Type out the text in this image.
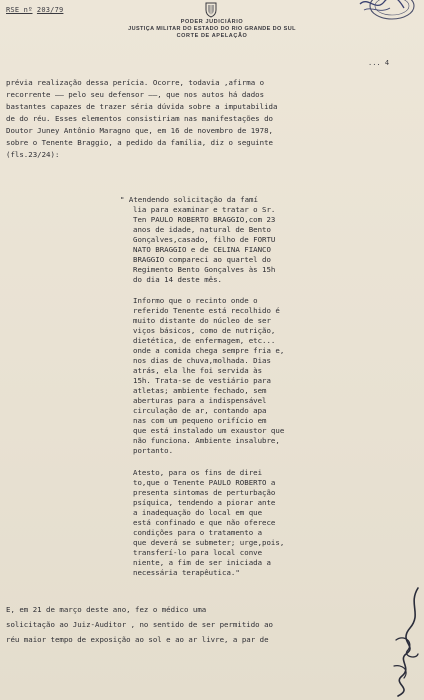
RSE nº 203/79
PODER JUDICIÁRIO
JUSTIÇA MILITAR DO ESTADO DO RIO GRANDE DO SUL
CORTE DE APELAÇÃO
... 4
prévia realização dessa perícia. Ocorre, todavia ,afirma o
recorrente —— pelo seu defensor ——, que nos autos há dados
bastantes capazes de trazer séria dúvida sobre a imputabilida
de do réu. Esses elementos consistiriam nas manifestações do
Doutor Juney Antônio Maragno que, em 16 de novembro de 1978,
sobre o Tenente Braggio, a pedido da família, diz o seguinte
(fls.23/24):
" Atendendo solicitação da famí
lia para examinar e tratar o Sr.
Ten PAULO ROBERTO BRAGGIO,com 23
anos de idade, natural de Bento
Gonçalves,casado, filho de FORTU
NATO BRAGGIO e de CELINA FIANCO
BRAGGIO compareci ao quartel do
Regimento Bento Gonçalves às 15h
do dia 14 deste mês.
Informo que o recinto onde o
referido Tenente está recolhido é
muito distante do núcleo de ser
viços básicos, como de nutrição,
dietética, de enfermagem, etc...
onde a comida chega sempre fria e,
nos dias de chuva,molhada. Dias
atrás, ela lhe foi servida às
15h. Trata-se de vestiário para
atletas; ambiente fechado, sem
aberturas para a indispensável
circulação de ar, contando apa
nas com um pequeno orifício em
que está instalado um exaustor que
não funciona. Ambiente insalubre,
portanto.
Atesto, para os fins de direi
to,que o Tenente PAULO ROBERTO a
presenta sintomas de perturbação
psíquica, tendendo a piorar ante
a inadequação do local em que
está confinado e que não oferece
condições para o tratamento a
que deverá se submeter; urge,pois,
transferí-lo para local conve
niente, a fim de ser iniciada a
necessária terapêutica."
E, em 21 de março deste ano, fez o médico uma
solicitação ao Juiz-Auditor , no sentido de ser permitido ao
réu maior tempo de exposição ao sol e ao ar livre, a par de
